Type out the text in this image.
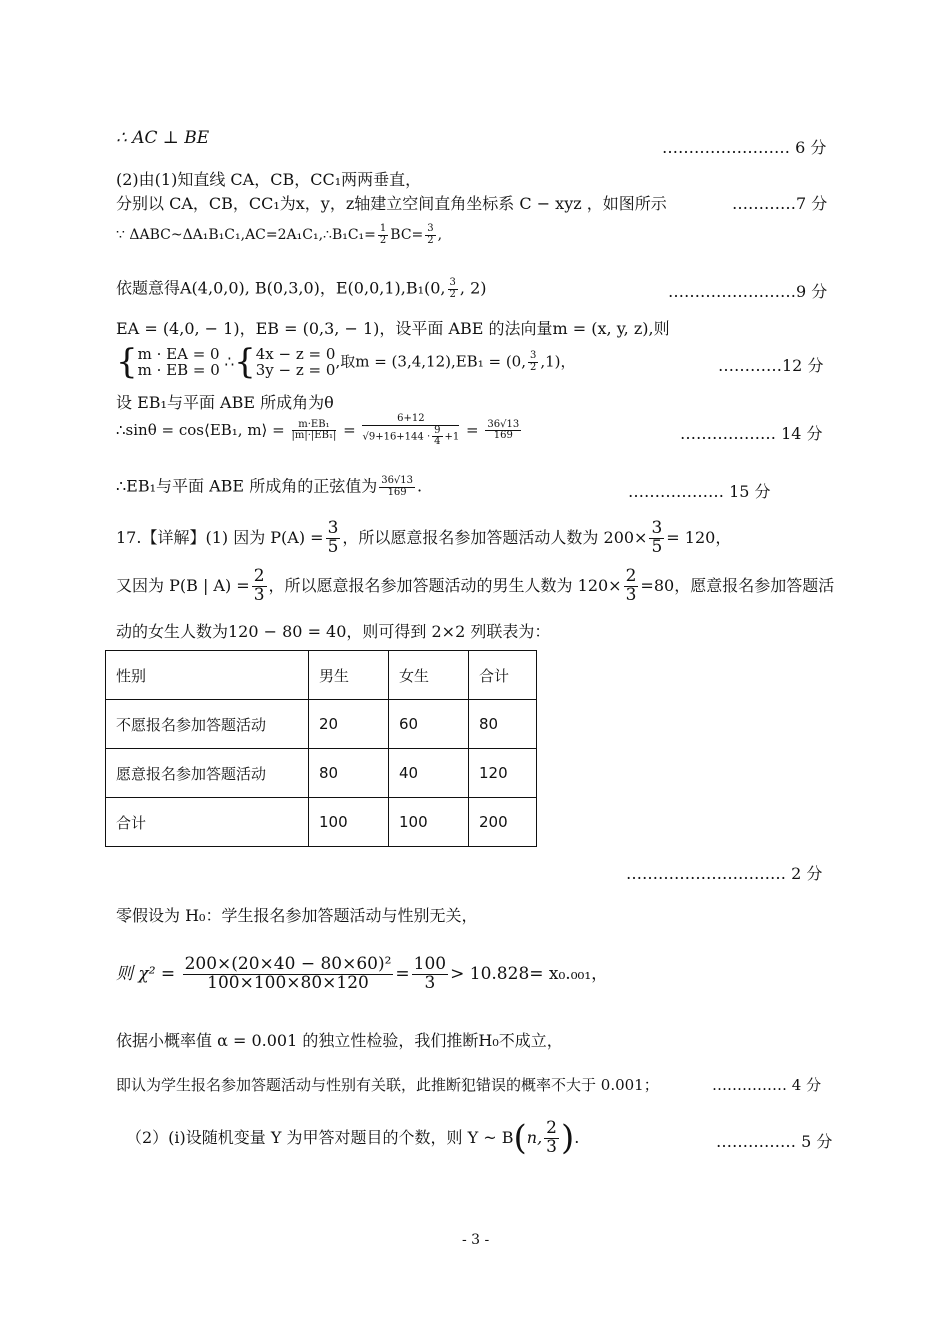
∴ AC ⊥ BE	…………………… 6 分
(2)由(1)知直线 CA，CB，CC₁两两垂直，
分别以 CA，CB，CC₁为x，y，z轴建立空间直角坐标系 C − xyz ，如图所示	…………7 分
∵ ΔABC~ΔA₁B₁C₁,AC=2A₁C₁,∴B₁C₁= $\frac{1}{2} BC= \frac{3}{2}$ ,
依题意得A(4,0,0), B(0,3,0)，E(0,0,1),B₁(0, $\frac{3}{2}$ , 2)	……………………9 分
EA = (4,0, − 1)，EB = (0,3, − 1)，设平面 ABE 的法向量m = (x, y, z),则
{ m · EA = 0
m · EB = 0 ∴{ 4x − z = 0
3y − z = 0 ,取m = (3,4,12),EB₁ = (0, $\frac{3}{2} ,1$)，	…………12 分
设 EB₁与平面 ABE 所成角为θ
∴sinθ = cos⟨EB₁, m⟩ = $\frac{\text{m·EB₁}}{\text{|m|·|EB₁|}} = \frac{6+12}{√9+16+144 \cdot \frac{9}{4} +1} = \frac{36√13}{169}$	……………… 14 分
∴EB₁与平面 ABE 所成角的正弦值为 $\frac{36√13}{169}$ .	……………… 15 分
17.【详解】(1) 因为 $P(A) = \frac{3}{5}$ ，所以愿意报名参加答题活动人数为 $200\times \frac{3}{5} = 120$，
又因为 P(B | $A) = \frac{2}{3}$ ，所以愿意报名参加答题活动的男生人数为 $120\times \frac{2}{3} =80$，愿意报名参加答题活
动的女生人数为120 − 80 = 40，则可得到 2×2 列联表为：
性别	男生	女生	合计
不愿报名参加答题活动	20	60	80
愿意报名参加答题活动	80	40	120
合计	100	100	200
………………………… 2 分
零假设为 H₀：学生报名参加答题活动与性别无关，
则 $\chi^2 = \frac{\text{200×(20×40 − 80×60)²}}{100\times 100\times 80\times 120} = \frac{100}{3} > 10.828= x_0._{001}$，
依据小概率值 α = 0.001 的独立性检验，我们推断H₀不成立，
即认为学生报名参加答题活动与性别有关联，此推断犯错误的概率不大于 0.001；	…………… 4 分
（2）(i)设随机变量 Y 为甲答对题目的个数，则 Y ~ B(n, $\frac{2}{3}$ ).	…………… 5 分
- 3 -
